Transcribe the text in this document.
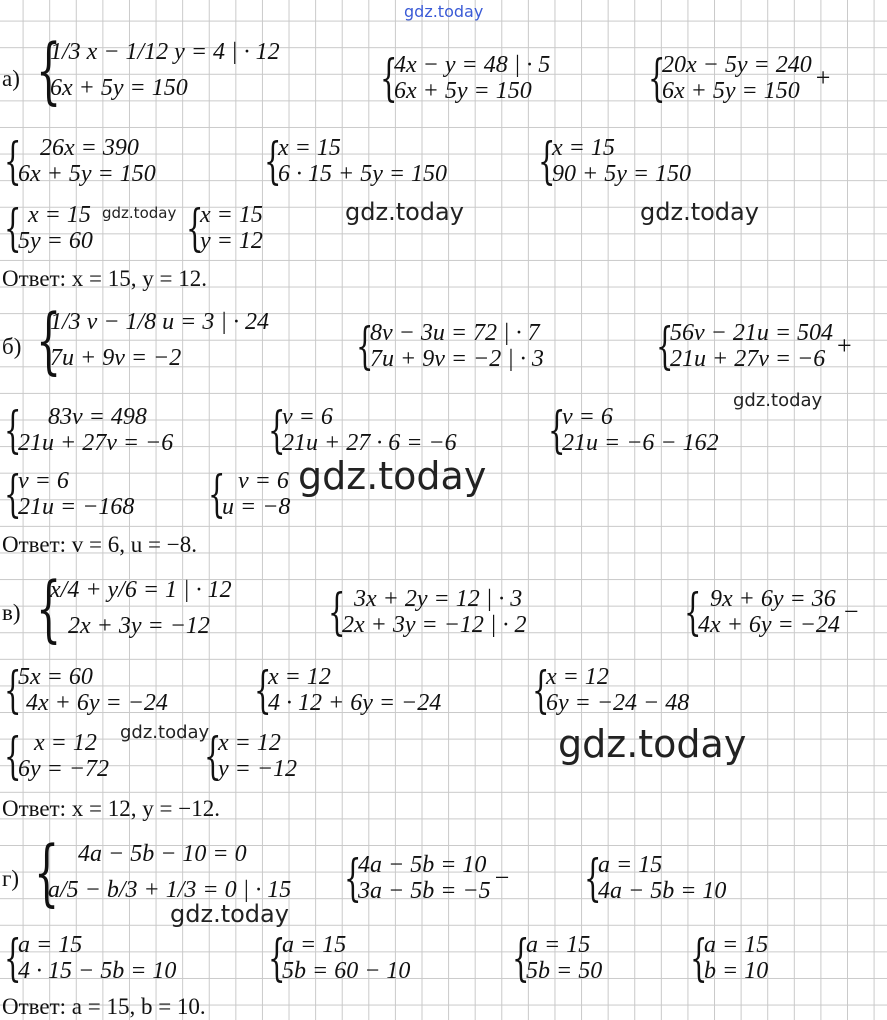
gdz.today
gdz.today	gdz.today	gdz.today
gdz.today
gdz.today
gdz.today	gdz.today
gdz.today
а) {
1/3 x − 1/12 y = 4 | · 12
6x + 5y = 150	{
4x − y = 48 | · 5
6x + 5y = 150	{
20x − 5y = 240
6x + 5y = 150 +
{ 26x = 390
6x + 5y = 150 {
x = 15
6 · 15 + 5y = 150 {
x = 15
90 + 5y = 150
{ x = 15
5y = 60 {
x = 15
y = 12
Ответ: x = 15, y = 12.
б) {
1/3 v − 1/8 u = 3 | · 24
7u + 9v = −2	{
8v − 3u = 72 | · 7
7u + 9v = −2 | · 3 {
56v − 21u = 504
21u + 27v = −6 +
{	83v = 498
21u + 27v = −6 {
v = 6
21u + 27 · 6 = −6 {
v = 6
21u = −6 − 162
{
v = 6
21u = −168 { v = 6
u = −8
Ответ: v = 6, u = −8.
в) {
x/4 + y/6 = 1 | · 12
2x + 3y = −12	{ 3x + 2y = 12 | · 3
2x + 3y = −12 | · 2	{ 9x + 6y = 36
4x + 6y = −24 −
{
5x = 60
4x + 6y = −24 {
x = 12
4 · 12 + 6y = −24 {
x = 12
6y = −24 − 48
{ x = 12
6y = −72 {
x = 12
y = −12
Ответ: x = 12, y = −12.
г) { 4a − 5b − 10 = 0
a/5 − b/3 + 1/3 = 0 | · 15 {
4a − 5b = 10
3a − 5b = −5 − {
a = 15
4a − 5b = 10
{
a = 15
4 · 15 − 5b = 10 {
a = 15
5b = 60 − 10 {
a = 15
5b = 50 {
a = 15
b = 10
Ответ: a = 15, b = 10.
